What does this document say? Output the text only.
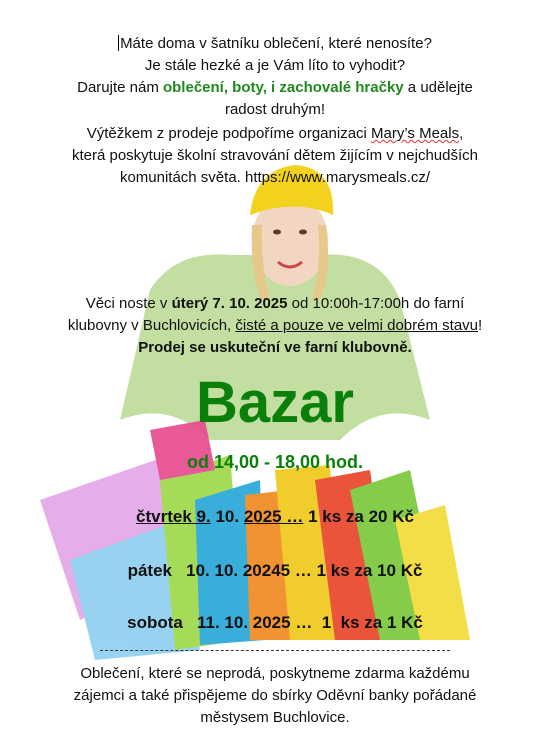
Máte doma v šatníku oblečení, které nenosíte?
Je stále hezké a je Vám líto to vyhodit?
Darujte nám oblečení, boty, i zachovalé hračky a udělejte
radost druhým!
Výtěžkem z prodeje podpoříme organizaci Mary’s Meals,
která poskytuje školní stravování dětem žijícím v nejchudších
komunitách světa. https://www.marysmeals.cz/
Věci noste v úterý 7. 10. 2025 od 10:00h-17:00h do farní
klubovny v Buchlovicích, čisté a pouze ve velmi dobrém stavu!
Prodej se uskuteční ve farní klubovně.
Bazar
od 14,00 - 18,00 hod.
čtvrtek 9. 10. 2025 … 1 ks za 20 Kč
pátek   10. 10. 20245 … 1 ks za 10 Kč
sobota   11. 10. 2025 …  1  ks za 1 Kč
Oblečení, které se neprodá, poskytneme zdarma každému
zájemci a také přispějeme do sbírky Oděvní banky pořádané
městysem Buchlovice.
